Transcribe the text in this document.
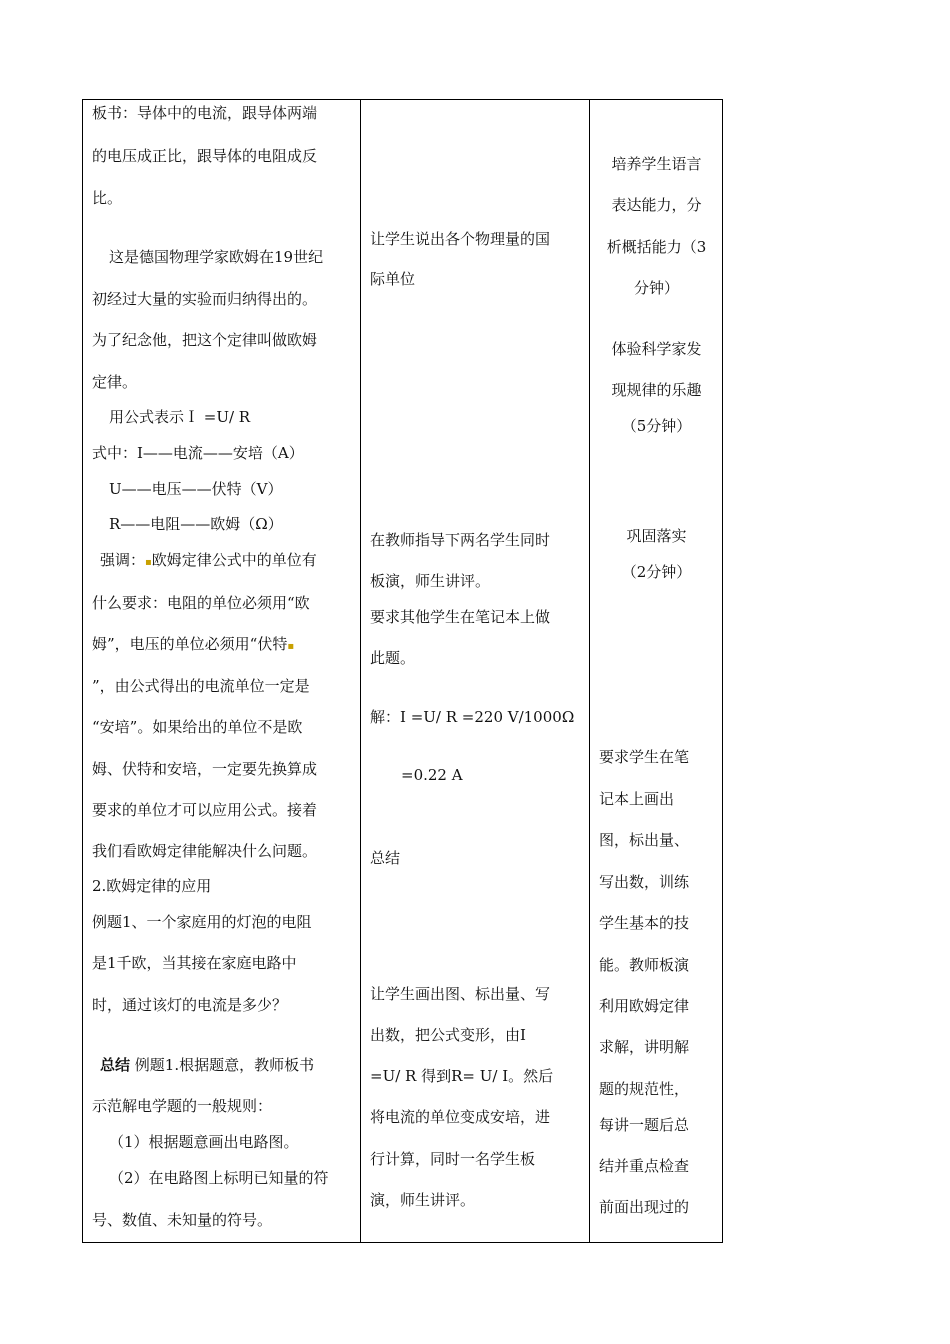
板书：导体中的电流，跟导体两端

的电压成正比，跟导体的电阻成反

比。

这是德国物理学家欧姆在19世纪

初经过大量的实验而归纳得出的。

为了纪念他，把这个定律叫做欧姆

定律。

用公式表示Ｉ =U/ R

式中：I——电流——安培（A）

U——电压——伏特（V）

R——电阻——欧姆（Ω）

强调：▪欧姆定律公式中的单位有

什么要求：电阻的单位必须用“欧

姆”，电压的单位必须用“伏特▪

”，由公式得出的电流单位一定是

“安培”。如果给出的单位不是欧

姆、伏特和安培，一定要先换算成

要求的单位才可以应用公式。接着

我们看欧姆定律能解决什么问题。

2.欧姆定律的应用

例题1、一个家庭用的灯泡的电阻

是1千欧，当其接在家庭电路中

时，通过该灯的电流是多少？

总结 例题1.根据题意，教师板书

示范解电学题的一般规则：

（1）根据题意画出电路图。

（2）在电路图上标明已知量的符

号、数值、未知量的符号。

让学生说出各个物理量的国

际单位

在教师指导下两名学生同时

板演，师生讲评。

要求其他学生在笔记本上做

此题。

解：I =U/ R =220 V/1000Ω

=0.22 A

总结

让学生画出图、标出量、写

出数，把公式变形，由I

=U/ R 得到R= U/ I。然后

将电流的单位变成安培，进

行计算，同时一名学生板

演，师生讲评。

培养学生语言

表达能力，分

析概括能力（3

分钟）

体验科学家发

现规律的乐趣

（5分钟）

巩固落实

（2分钟）

要求学生在笔

记本上画出

图，标出量、

写出数，训练

学生基本的技

能。教师板演

利用欧姆定律

求解，讲明解

题的规范性，

每讲一题后总

结并重点检查

前面出现过的
